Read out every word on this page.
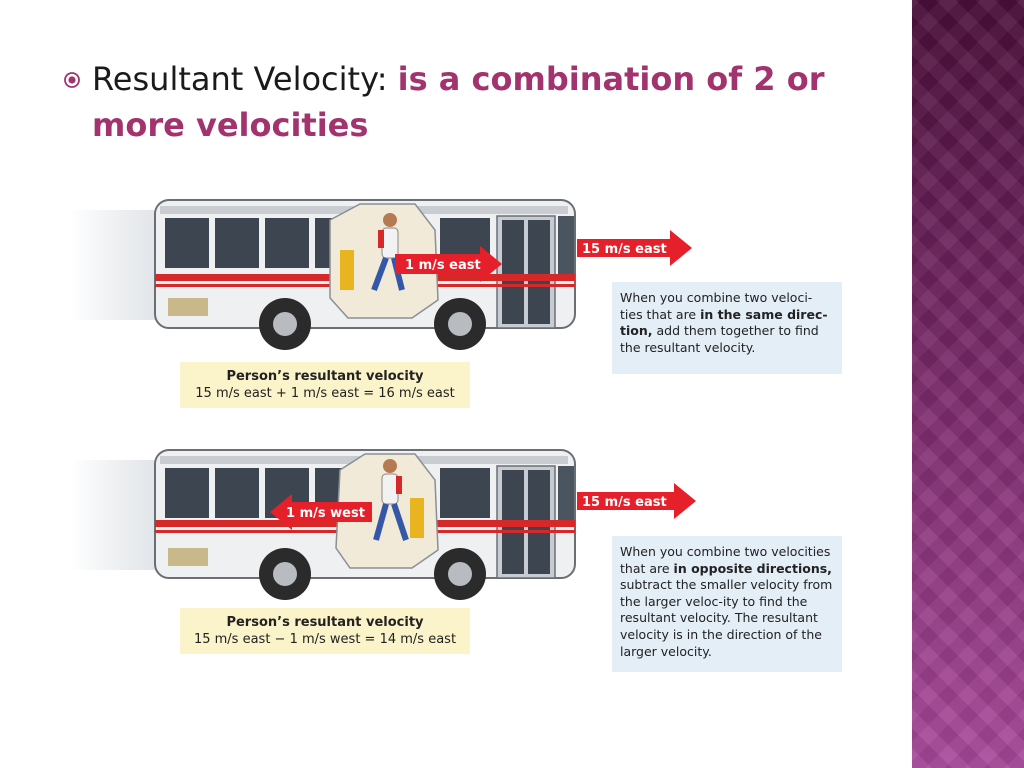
Resultant Velocity: is a combination of 2 or more velocities
1 m/s east
15 m/s east
Person’s resultant velocity
15 m/s east + 1 m/s east = 16 m/s east
When you combine two veloci-ties that are in the same direc-tion, add them together to find the resultant velocity.
1 m/s west
15 m/s east
Person’s resultant velocity
15 m/s east − 1 m/s west = 14 m/s east
When you combine two velocities that are in opposite directions, subtract the smaller velocity from the larger veloc-ity to find the resultant velocity. The resultant velocity is in the direction of the larger velocity.
